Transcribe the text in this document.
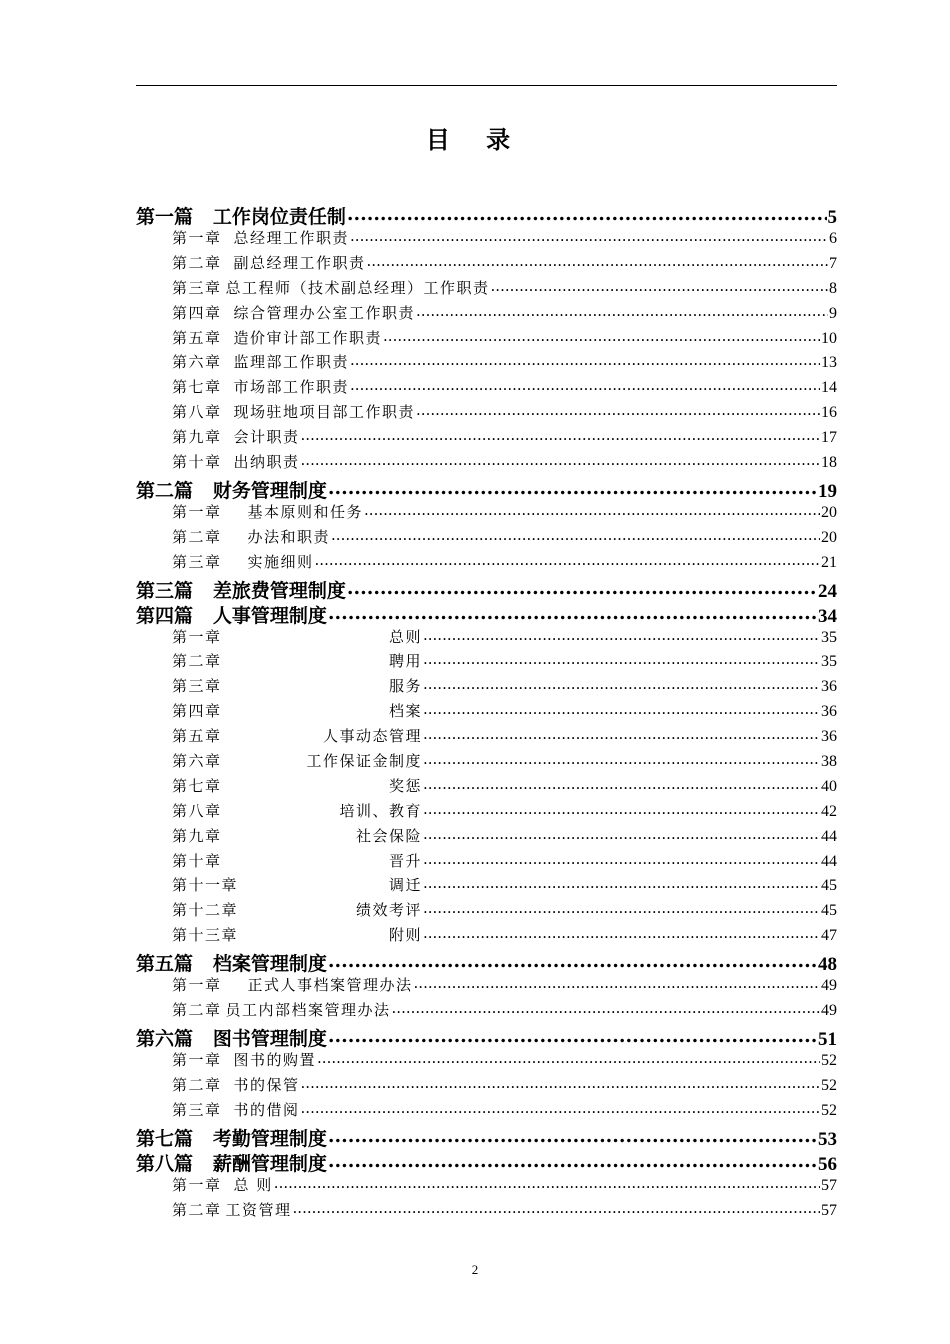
目 录
第一篇   工作岗位责任制 .....	5
第一章 总经理工作职责 .....	6
第二章 副总经理工作职责 .....	7
第三章 总工程师（技术副总经理）工作职责 .....	8
第四章 综合管理办公室工作职责 .....	9
第五章 造价审计部工作职责 .....	10
第六章 监理部工作职责 .....	13
第七章 市场部工作职责 .....	14
第八章 现场驻地项目部工作职责 .....	16
第九章 会计职责 .....	17
第十章 出纳职责 .....	18
第二篇   财务管理制度 .....	19
第一章 基本原则和任务 .....	20
第二章 办法和职责 .....	20
第三章 实施细则 .....	21
第三篇   差旅费管理制度 .....	24
第四篇   人事管理制度 .....	34
第一章	总则 .....	35
第二章	聘用 .....	35
第三章	服务 .....	36
第四章	档案 .....	36
第五章	人事动态管理 .....	36
第六章	工作保证金制度 .....	38
第七章	奖惩 .....	40
第八章	培训、教育 .....	42
第九章	社会保险 .....	44
第十章	晋升 .....	44
第十一章	调迁 .....	45
第十二章	绩效考评 .....	45
第十三章	附则 .....	47
第五篇   档案管理制度 .....	48
第一章 正式人事档案管理办法 .....	49
第二章 员工内部档案管理办法 .....	49
第六篇   图书管理制度 .....	51
第一章 图书的购置 .....	52
第二章 书的保管 .....	52
第三章 书的借阅 .....	52
第七篇   考勤管理制度 .....	53
第八篇   薪酬管理制度 .....	56
第一章 总 则 .....	57
第二章 工资管理 .....	57
2
